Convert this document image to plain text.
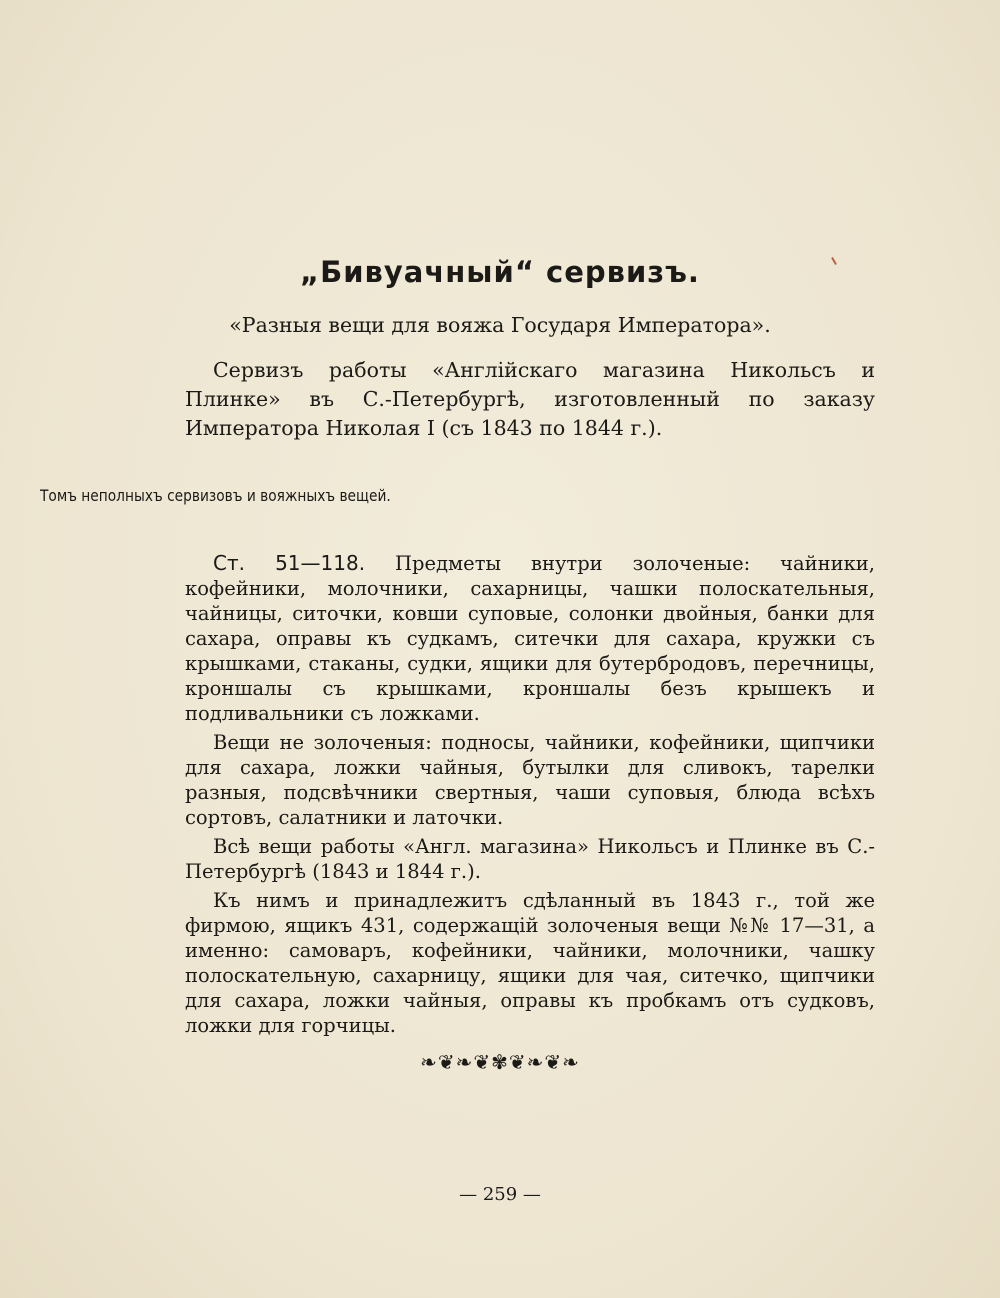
„Бивуачный“ сервизъ.

«Разныя вещи для вояжа Государя Императора».

Сервизъ работы «Англійскаго магазина Никольсъ и Плинке» въ С.-Петербургѣ, изготовленный по заказу Императора Николая I (съ 1843 по 1844 г.).

Томъ неполныхъ сервизовъ и вояжныхъ вещей.

Ст. 51—118. Предметы внутри золоченые: чайники, кофейники, молочники, сахарницы, чашки полоскательныя, чайницы, ситочки, ковши суповые, солонки двойныя, банки для сахара, оправы къ судкамъ, ситечки для сахара, кружки съ крышками, стаканы, судки, ящики для бутербродовъ, перечницы, кроншалы съ крышками, кроншалы безъ крышекъ и подливальники съ ложками.

Вещи не золоченыя: подносы, чайники, кофейники, щипчики для сахара, ложки чайныя, бутылки для сливокъ, тарелки разныя, подсвѣчники свертныя, чаши суповыя, блюда всѣхъ сортовъ, салатники и латочки.

Всѣ вещи работы «Англ. магазина» Никольсъ и Плинке въ С.-Петербургѣ (1843 и 1844 г.).

Къ нимъ и принадлежитъ сдѣланный въ 1843 г., той же фирмою, ящикъ 431, содержащій золоченыя вещи №№ 17—31, а именно: самоваръ, кофейники, чайники, молочники, чашку полоскательную, сахарницу, ящики для чая, ситечко, щипчики для сахара, ложки чайныя, оправы къ пробкамъ отъ судковъ, ложки для горчицы.

❧❦❧❦✾❦❧❦❧
— 259 —
